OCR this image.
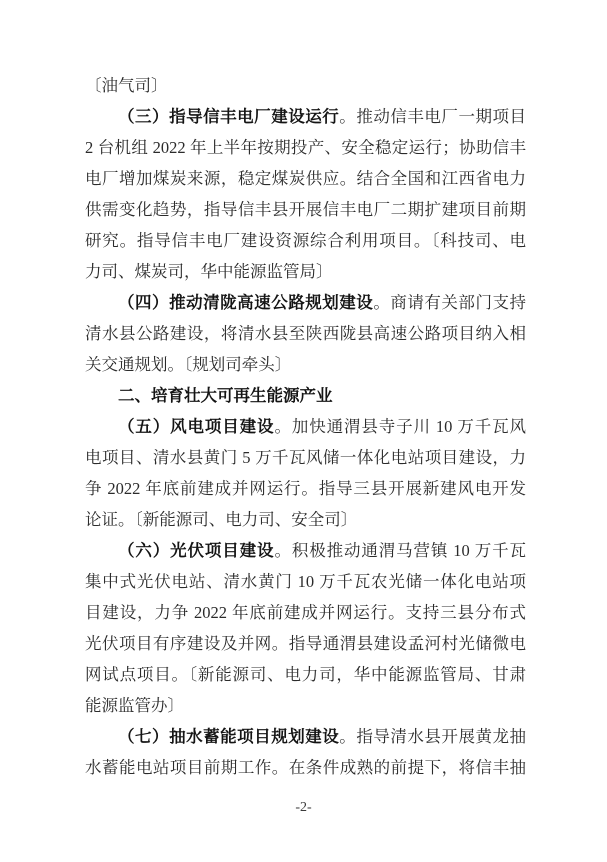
〔油气司〕
（三）指导信丰电厂建设运行。推动信丰电厂一期项目
2 台机组 2022 年上半年按期投产、安全稳定运行；协助信丰
电厂增加煤炭来源，稳定煤炭供应。结合全国和江西省电力
供需变化趋势，指导信丰县开展信丰电厂二期扩建项目前期
研究。指导信丰电厂建设资源综合利用项目。〔科技司、电
力司、煤炭司，华中能源监管局〕
（四）推动清陇高速公路规划建设。商请有关部门支持
清水县公路建设，将清水县至陕西陇县高速公路项目纳入相
关交通规划。〔规划司牵头〕
二、培育壮大可再生能源产业
（五）风电项目建设。加快通渭县寺子川 10 万千瓦风
电项目、清水县黄门 5 万千瓦风储一体化电站项目建设，力
争 2022 年底前建成并网运行。指导三县开展新建风电开发
论证。〔新能源司、电力司、安全司〕
（六）光伏项目建设。积极推动通渭马营镇 10 万千瓦
集中式光伏电站、清水黄门 10 万千瓦农光储一体化电站项
目建设，力争 2022 年底前建成并网运行。支持三县分布式
光伏项目有序建设及并网。指导通渭县建设孟河村光储微电
网试点项目。〔新能源司、电力司，华中能源监管局、甘肃
能源监管办〕
（七）抽水蓄能项目规划建设。指导清水县开展黄龙抽
水蓄能电站项目前期工作。在条件成熟的前提下，将信丰抽
-2-
